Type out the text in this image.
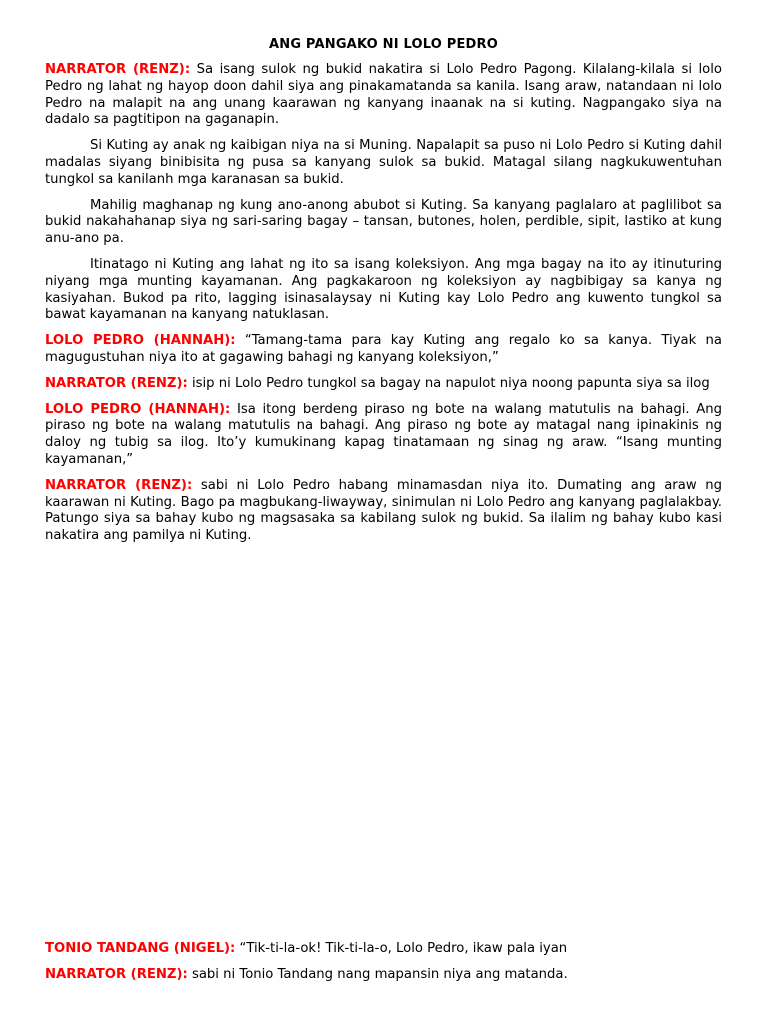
ANG PANGAKO NI LOLO PEDRO

NARRATOR (RENZ): Sa isang sulok ng bukid nakatira si Lolo Pedro Pagong. Kilalang-kilala si lolo Pedro ng lahat ng hayop doon dahil siya ang pinakamatanda sa kanila. Isang araw, natandaan ni lolo Pedro na malapit na ang unang kaarawan ng kanyang inaanak na si kuting. Nagpangako siya na dadalo sa pagtitipon na gaganapin.

Si Kuting ay anak ng kaibigan niya na si Muning. Napalapit sa puso ni Lolo Pedro si Kuting dahil madalas siyang binibisita ng pusa sa kanyang sulok sa bukid. Matagal silang nagkukuwentuhan tungkol sa kanilanh mga karanasan sa bukid.

Mahilig maghanap ng kung ano-anong abubot si Kuting. Sa kanyang paglalaro at paglilibot sa bukid nakahahanap siya ng sari-saring bagay – tansan, butones, holen, perdible, sipit, lastiko at kung anu-ano pa.

Itinatago ni Kuting ang lahat ng ito sa isang koleksiyon. Ang mga bagay na ito ay itinuturing niyang mga munting kayamanan. Ang pagkakaroon ng koleksiyon ay nagbibigay sa kanya ng kasiyahan. Bukod pa rito, lagging isinasalaysay ni Kuting kay Lolo Pedro ang kuwento tungkol sa bawat kayamanan na kanyang natuklasan.

LOLO PEDRO (HANNAH): “Tamang-tama para kay Kuting ang regalo ko sa kanya. Tiyak na magugustuhan niya ito at gagawing bahagi ng kanyang koleksiyon,”

NARRATOR (RENZ): isip ni Lolo Pedro tungkol sa bagay na napulot niya noong papunta siya sa ilog

LOLO PEDRO (HANNAH): Isa itong berdeng piraso ng bote na walang matutulis na bahagi. Ang piraso ng bote na walang matutulis na bahagi. Ang piraso ng bote ay matagal nang ipinakinis ng daloy ng tubig sa ilog. Ito’y kumukinang kapag tinatamaan ng sinag ng araw. “Isang munting kayamanan,”

NARRATOR (RENZ): sabi ni Lolo Pedro habang minamasdan niya ito. Dumating ang araw ng kaarawan ni Kuting. Bago pa magbukang-liwayway, sinimulan ni Lolo Pedro ang kanyang paglalakbay. Patungo siya sa bahay kubo ng magsasaka sa kabilang sulok ng bukid. Sa ilalim ng bahay kubo kasi nakatira ang pamilya ni Kuting.

TONIO TANDANG (NIGEL): “Tik-ti-la-ok! Tik-ti-la-o, Lolo Pedro, ikaw pala iyan

NARRATOR (RENZ): sabi ni Tonio Tandang nang mapansin niya ang matanda.
